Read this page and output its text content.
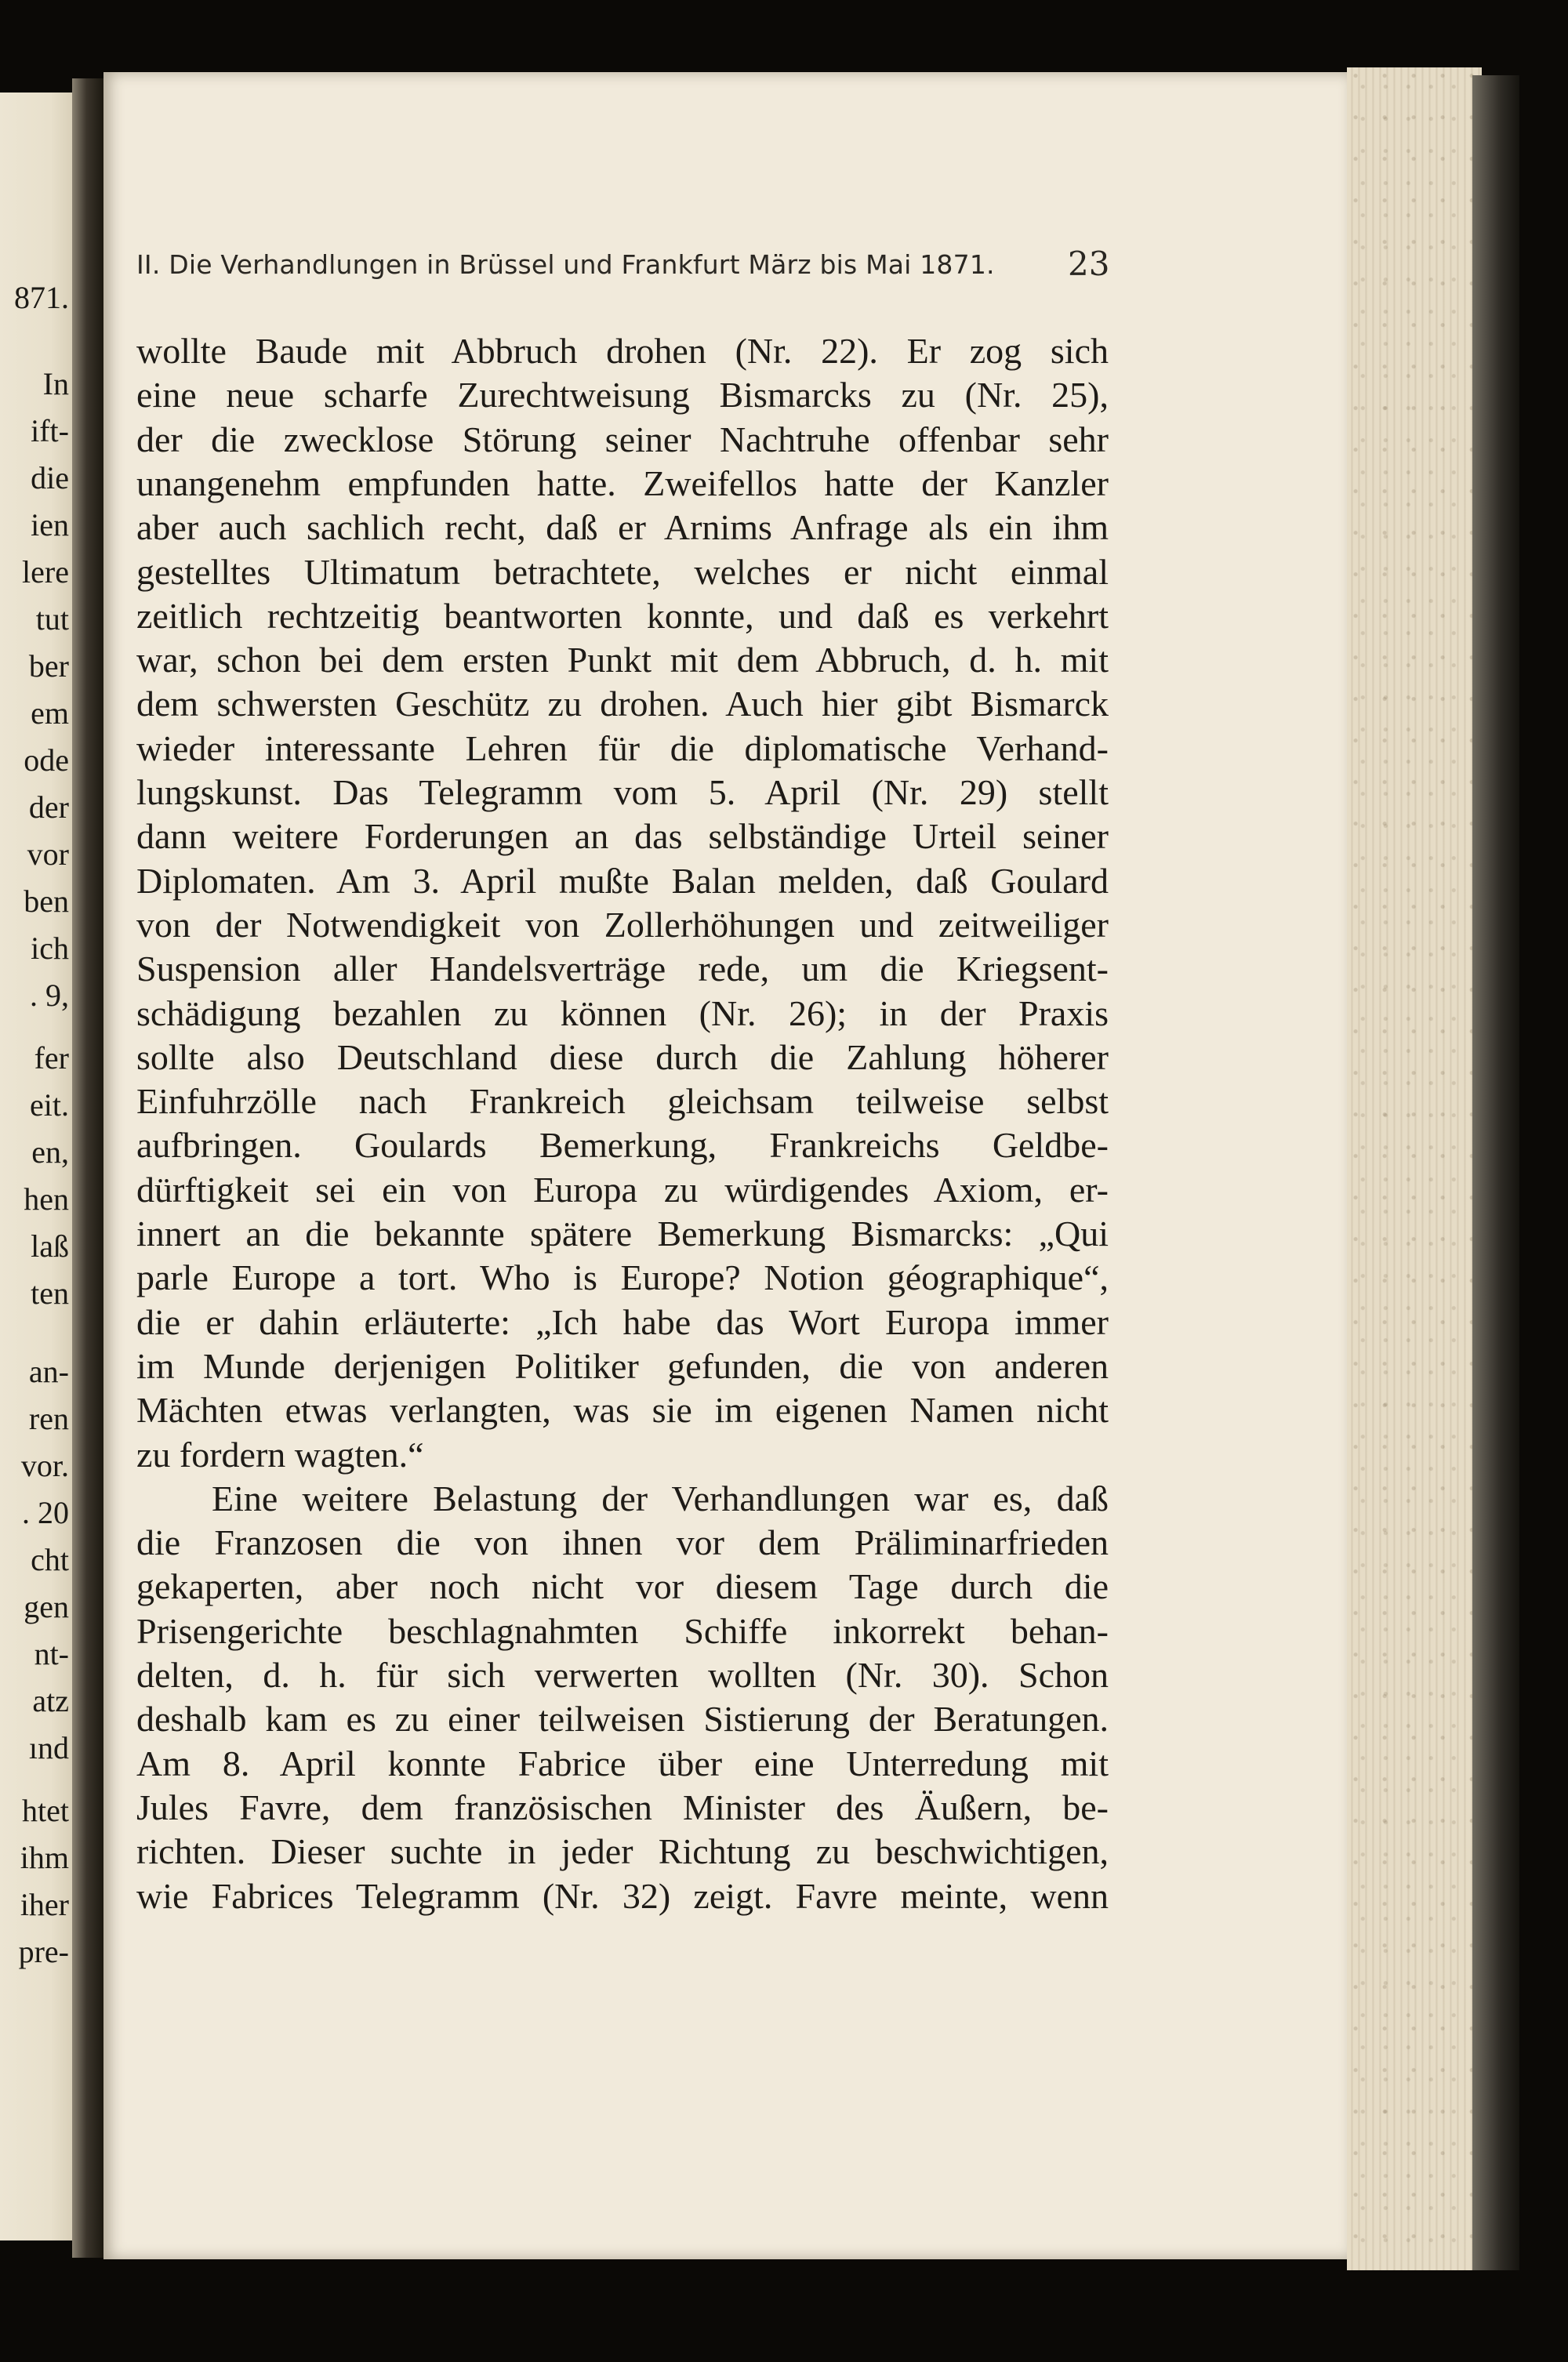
871.

In

ift-

die

ien

lere

tut

ber

em

ode

der

vor

ben

ich

. 9,

fer

eit.

en,

hen

laß

ten

an-

ren

vor.

. 20

cht

gen

nt-

atz

ınd

htet

ihm

iher

pre-

II. Die Verhandlungen in Brüssel und Frankfurt März bis Mai 1871. 23

wollte Baude mit Abbruch drohen (Nr. 22). Er zog sich

eine neue scharfe Zurechtweisung Bismarcks zu (Nr. 25),

der die zwecklose Störung seiner Nachtruhe offenbar sehr

unangenehm empfunden hatte. Zweifellos hatte der Kanzler

aber auch sachlich recht, daß er Arnims Anfrage als ein ihm

gestelltes Ultimatum betrachtete, welches er nicht einmal

zeitlich rechtzeitig beantworten konnte, und daß es verkehrt

war, schon bei dem ersten Punkt mit dem Abbruch, d. h. mit

dem schwersten Geschütz zu drohen. Auch hier gibt Bismarck

wieder interessante Lehren für die diplomatische Verhand-

lungskunst. Das Telegramm vom 5. April (Nr. 29) stellt

dann weitere Forderungen an das selbständige Urteil seiner

Diplomaten. Am 3. April mußte Balan melden, daß Goulard

von der Notwendigkeit von Zollerhöhungen und zeitweiliger

Suspension aller Handelsverträge rede, um die Kriegsent-

schädigung bezahlen zu können (Nr. 26); in der Praxis

sollte also Deutschland diese durch die Zahlung höherer

Einfuhrzölle nach Frankreich gleichsam teilweise selbst

aufbringen. Goulards Bemerkung, Frankreichs Geldbe-

dürftigkeit sei ein von Europa zu würdigendes Axiom, er-

innert an die bekannte spätere Bemerkung Bismarcks: „Qui

parle Europe a tort. Who is Europe? Notion géographique“,

die er dahin erläuterte: „Ich habe das Wort Europa immer

im Munde derjenigen Politiker gefunden, die von anderen

Mächten etwas verlangten, was sie im eigenen Namen nicht

zu fordern wagten.“

Eine weitere Belastung der Verhandlungen war es, daß

die Franzosen die von ihnen vor dem Präliminarfrieden

gekaperten, aber noch nicht vor diesem Tage durch die

Prisengerichte beschlagnahmten Schiffe inkorrekt behan-

delten, d. h. für sich verwerten wollten (Nr. 30). Schon

deshalb kam es zu einer teilweisen Sistierung der Beratungen.

Am 8. April konnte Fabrice über eine Unterredung mit

Jules Favre, dem französischen Minister des Äußern, be-

richten. Dieser suchte in jeder Richtung zu beschwichtigen,

wie Fabrices Telegramm (Nr. 32) zeigt. Favre meinte, wenn
